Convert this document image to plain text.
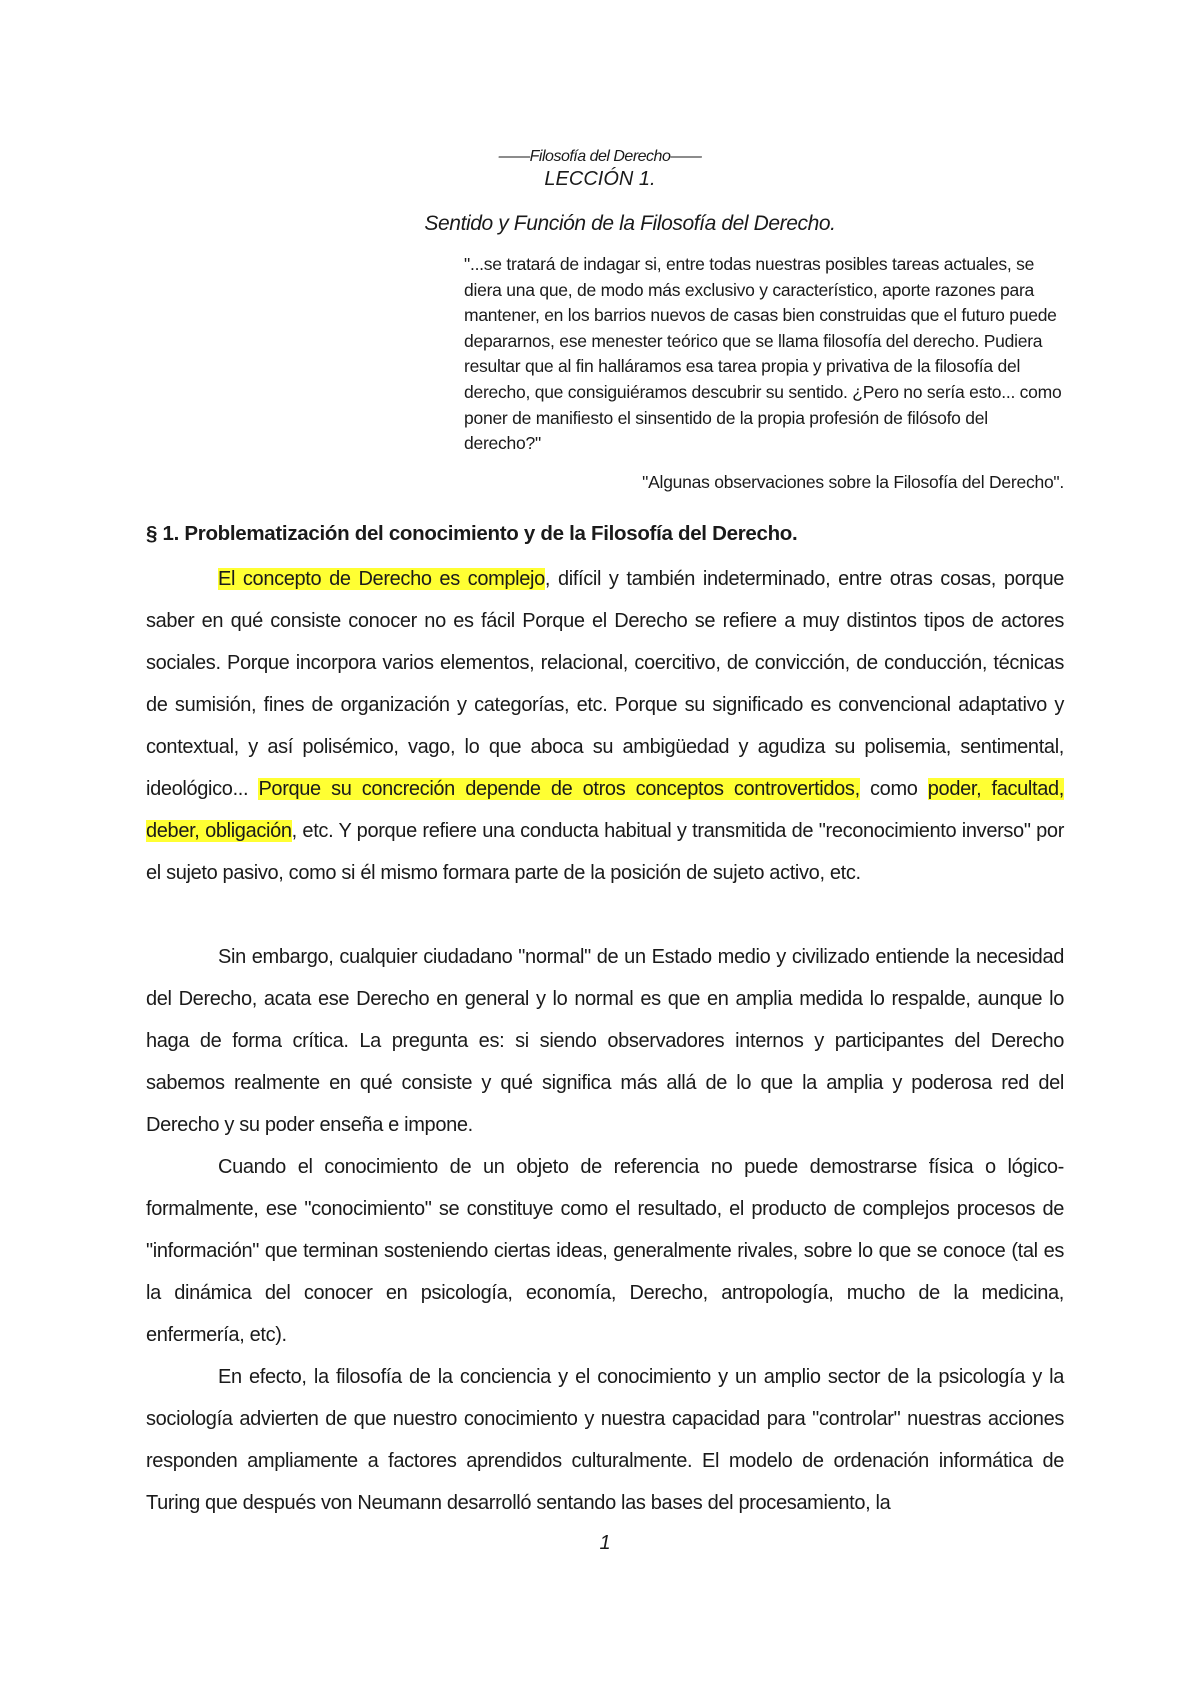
——Filosofía del Derecho——
LECCIÓN 1.
Sentido y Función de la Filosofía del Derecho.
"...se tratará de indagar si, entre todas nuestras posibles tareas actuales, se diera una que, de modo más exclusivo y característico, aporte razones para mantener, en los barrios nuevos de casas bien construidas que el futuro puede depararnos, ese menester teórico que se llama filosofía del derecho. Pudiera resultar que al fin halláramos esa tarea propia y privativa de la filosofía del derecho, que consiguiéramos descubrir su sentido. ¿Pero no sería esto... como poner de manifiesto el sinsentido de la propia profesión de filósofo del derecho?"
"Algunas observaciones sobre la Filosofía del Derecho".
§ 1. Problematización del conocimiento y de la Filosofía del Derecho.

El concepto de Derecho es complejo, difícil y también indeterminado, entre otras cosas, porque saber en qué consiste conocer no es fácil Porque el Derecho se refiere a muy distintos tipos de actores sociales. Porque incorpora varios elementos, relacional, coercitivo, de convicción, de conducción, técnicas de sumisión, fines de organización y categorías, etc. Porque su significado es convencional adaptativo y contextual, y así polisémico, vago, lo que aboca su ambigüedad y agudiza su polisemia, sentimental, ideológico... Porque su concreción depende de otros conceptos controvertidos, como poder, facultad, deber, obligación, etc. Y porque refiere una conducta habitual y transmitida de "reconocimiento inverso" por el sujeto pasivo, como si él mismo formara parte de la posición de sujeto activo, etc.

Sin embargo, cualquier ciudadano "normal" de un Estado medio y civilizado entiende la necesidad del Derecho, acata ese Derecho en general y lo normal es que en amplia medida lo respalde, aunque lo haga de forma crítica. La pregunta es: si siendo observadores internos y participantes del Derecho sabemos realmente en qué consiste y qué significa más allá de lo que la amplia y poderosa red del Derecho y su poder enseña e impone.

Cuando el conocimiento de un objeto de referencia no puede demostrarse física o lógico-formalmente, ese "conocimiento" se constituye como el resultado, el producto de complejos procesos de "información" que terminan sosteniendo ciertas ideas, generalmente rivales, sobre lo que se conoce (tal es la dinámica del conocer en psicología, economía, Derecho, antropología, mucho de la medicina, enfermería, etc).

En efecto, la filosofía de la conciencia y el conocimiento y un amplio sector de la psicología y la sociología advierten de que nuestro conocimiento y nuestra capacidad para "controlar" nuestras acciones responden ampliamente a factores aprendidos culturalmente. El modelo de ordenación informática de Turing que después von Neumann desarrolló sentando las bases del procesamiento, la

1
